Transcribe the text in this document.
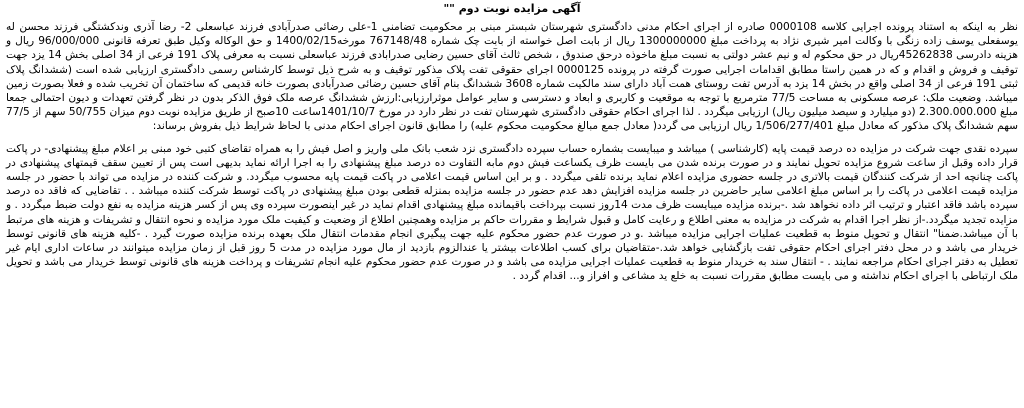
آگهی مزایده نوبت دوم ""

نظر به اینکه به استناد پرونده اجرایی کلاسه 0000108 صادره از اجرای احکام مدنی دادگستری شهرستان شبستر مبنی بر محکومیت تضامنی 1-علی رضائی صدرآبادی فرزند عباسعلی 2- رضا آذری وندکشتگی فرزند محسن له یوسفعلی یوسف زاده زنگی با وکالت امیر شیری نژاد به پرداخت مبلغ 1300000000 ریال از بابت اصل خواسته از بابت چک شماره 767148/48 مورخه1400/02/15 و حق الوکاله وکیل طبق تعرفه قانونی 96/000/000 ریال و هزینه دادرسی 45262838ریال در حق محکوم له و نیم عشر دولتی به نسبت مبلغ ماخوذه درحق صندوق ، شخص ثالث آقای حسین رضایی صدرابادی فرزند عباسعلی نسبت به معرفی پلاک 191 فرعی از 34 اصلی بخش 14 یزد جهت توقیف و فروش و اقدام و که در همین راستا مطابق اقدامات اجرایی صورت گرفته در پرونده 0000125 اجرای حقوقی تفت پلاک مذکور توقیف و به شرح ذیل توسط کارشناس رسمی دادگستری ارزیابی شده است (ششدانگ پلاک ثبتی 191 فرعی از 34 اصلی واقع در بخش 14 یزد به آدرس تفت روستای همت آباد دارای سند مالکیت شماره 3608 ششدانگ بنام آقای حسین رضائی صدرآبادی بصورت خانه قدیمی که ساختمان آن تخریب شده و فعلا بصورت زمین میباشد. وضعیت ملک: عرصه مسکونی به مساحت 77/5 مترمربع با توجه به موقعیت و کاربری و ابعاد و دسترسی و سایر عوامل موثرارزیابی:ارزش ششدانگ عرصه ملک فوق الذکر بدون در نظر گرفتن تعهدات و دیون احتمالی جمعا مبلغ 2.300.000.000 (دو میلیارد و سیصد میلیون ریال) ارزیابی میگردد . لذا اجرای احکام حقوقی دادگستری شهرستان تفت در نظر دارد در مورخ 1401/10/7ساعت 10صبح از طریق مزایده نوبت دوم میزان 50/755 سهم از 77/5 سهم ششدانگ پلاک مذکور که معادل مبلغ 1/506/277/401 ریال ارزیابی می گردد( معادل جمع مبالغ محکومیت محکوم علیه) را مطابق قانون اجرای احکام مدنی با لحاظ شرایط ذیل بفروش برساند:

سپرده نقدی جهت شرکت در مزایده ده درصد قیمت پایه (کارشناسی ) میباشد و میبایست بشماره حساب سپرده دادگستری نزد شعب بانک ملی واریز و اصل فیش را به همراه تقاضای کتبی خود مبنی بر اعلام مبلغ پیشنهادی- در پاکت قرار داده وقبل از ساعت شروع مزایده تحویل نمایند و در صورت برنده شدن می بایست ظرف یکساعت فیش دوم مابه التفاوت ده درصد مبلغ پیشنهادی را به اجرا ارائه نماید بدیهی است پس از تعیین سقف قیمتهای پیشنهادی در پاکت چنانچه احد از شرکت کنندگان قیمت بالاتری در جلسه حضوری مزایده اعلام نماید برنده تلقی میگردد . و بر این اساس قیمت اعلامی در پاکت قیمت پایه محسوب میگردد. و شرکت کننده در مزایده می تواند با حضور در جلسه مزایده قیمت اعلامی در پاکت را بر اساس مبلغ اعلامی سایر حاضرین در جلسه مزایده افزایش دهد عدم حضور در جلسه مزایده بمنزله قطعی بودن مبلغ پیشنهادی در پاکت توسط شرکت کننده میباشد . . تقاضایی که فاقد ده درصد سپرده باشد فاقد اعتبار و ترتیب اثر داده نخواهد شد .-برنده مزایده میبایست ظرف مدت 14روز نسبت بپرداخت باقیمانده مبلغ پیشنهادی اقدام نماید در غیر اینصورت سپرده وی پس از کسر هزینه مزایده به نفع دولت ضبط میگردد . و مزایده تجدید میگردد.-از نظر اجرا اقدام به شرکت در مزایده به معنی اطلاع و رعایت کامل و قبول شرایط و مقررات حاکم بر مزایده وهمچنین اطلاع از وضعیت و کیفیت ملک مورد مزایده و نحوه انتقال و تشریفات و هزینه های مرتبط با آن میباشد.ضمنا" انتقال و تحویل منوط به قطعیت عملیات اجرایی مزایده میباشد .و در صورت عدم حضور محکوم علیه جهت پیگیری انجام مقدمات انتقال ملک بعهده برنده مزایده صورت گیرد . -کلیه هزینه های قانونی توسط خریدار می باشد و در محل دفتر اجرای احکام حقوقی تفت بازگشایی خواهد شد.-متقاضیان برای کسب اطلاعات بیشتر یا عندالزوم بازدید از مال مورد مزایده در مدت 5 روز قبل از زمان مزایده میتوانند در ساعات اداری ایام غیر تعطیل به دفتر اجرای احکام مراجعه نمایند . - انتقال سند به خریدار منوط به قطعیت عملیات اجرایی مزایده می باشد و در صورت عدم حضور محکوم علیه انجام تشریفات و پرداخت هزینه های قانونی توسط خریدار می باشد و تحویل ملک ارتباطی با اجرای احکام نداشته و می بایست مطابق مقررات نسبت به خلع ید مشاعی و افراز و... اقدام گردد .
